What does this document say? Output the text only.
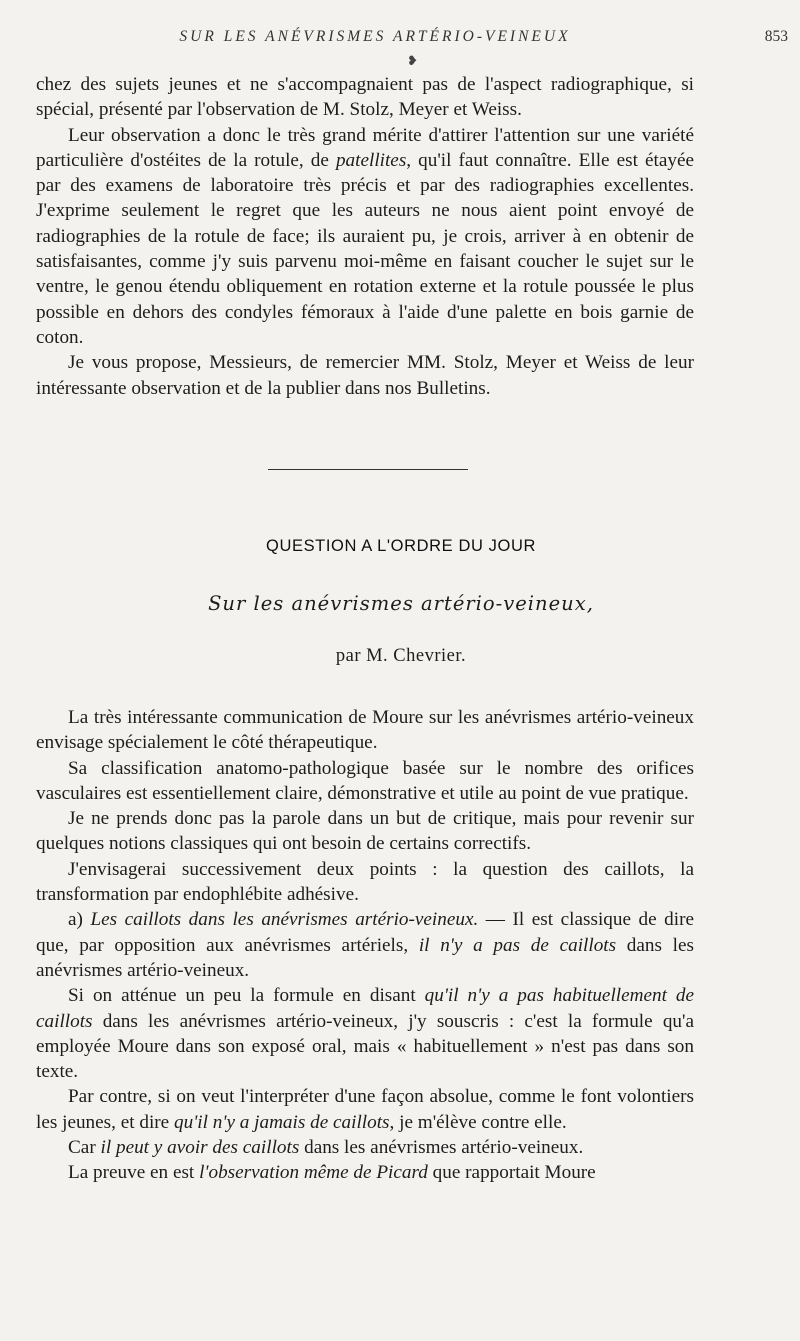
SUR LES ANÉVRISMES ARTÉRIO-VEINEUX	853
❥

chez des sujets jeunes et ne s'accompagnaient pas de l'aspect radiographique, si spécial, présenté par l'observation de M. Stolz, Meyer et Weiss.

Leur observation a donc le très grand mérite d'attirer l'attention sur une variété particulière d'ostéites de la rotule, de patellites, qu'il faut connaître. Elle est étayée par des examens de laboratoire très précis et par des radiographies excellentes. J'exprime seulement le regret que les auteurs ne nous aient point envoyé de radiographies de la rotule de face; ils auraient pu, je crois, arriver à en obtenir de satisfaisantes, comme j'y suis parvenu moi-même en faisant coucher le sujet sur le ventre, le genou étendu obliquement en rotation externe et la rotule poussée le plus possible en dehors des condyles fémoraux à l'aide d'une palette en bois garnie de coton.

Je vous propose, Messieurs, de remercier MM. Stolz, Meyer et Weiss de leur intéressante observation et de la publier dans nos Bulletins.

QUESTION A L'ORDRE DU JOUR
Sur les anévrismes artério-veineux,
par M. Chevrier.

La très intéressante communication de Moure sur les anévrismes artério-veineux envisage spécialement le côté thérapeutique.

Sa classification anatomo-pathologique basée sur le nombre des orifices vasculaires est essentiellement claire, démonstrative et utile au point de vue pratique.

Je ne prends donc pas la parole dans un but de critique, mais pour revenir sur quelques notions classiques qui ont besoin de certains correctifs.

J'envisagerai successivement deux points : la question des caillots, la transformation par endophlébite adhésive.

a) Les caillots dans les anévrismes artério-veineux. — Il est classique de dire que, par opposition aux anévrismes artériels, il n'y a pas de caillots dans les anévrismes artério-veineux.

Si on atténue un peu la formule en disant qu'il n'y a pas habituellement de caillots dans les anévrismes artério-veineux, j'y souscris : c'est la formule qu'a employée Moure dans son exposé oral, mais « habituellement » n'est pas dans son texte.

Par contre, si on veut l'interpréter d'une façon absolue, comme le font volontiers les jeunes, et dire qu'il n'y a jamais de caillots, je m'élève contre elle.

Car il peut y avoir des caillots dans les anévrismes artério-veineux.

La preuve en est l'observation même de Picard que rapportait Moure
